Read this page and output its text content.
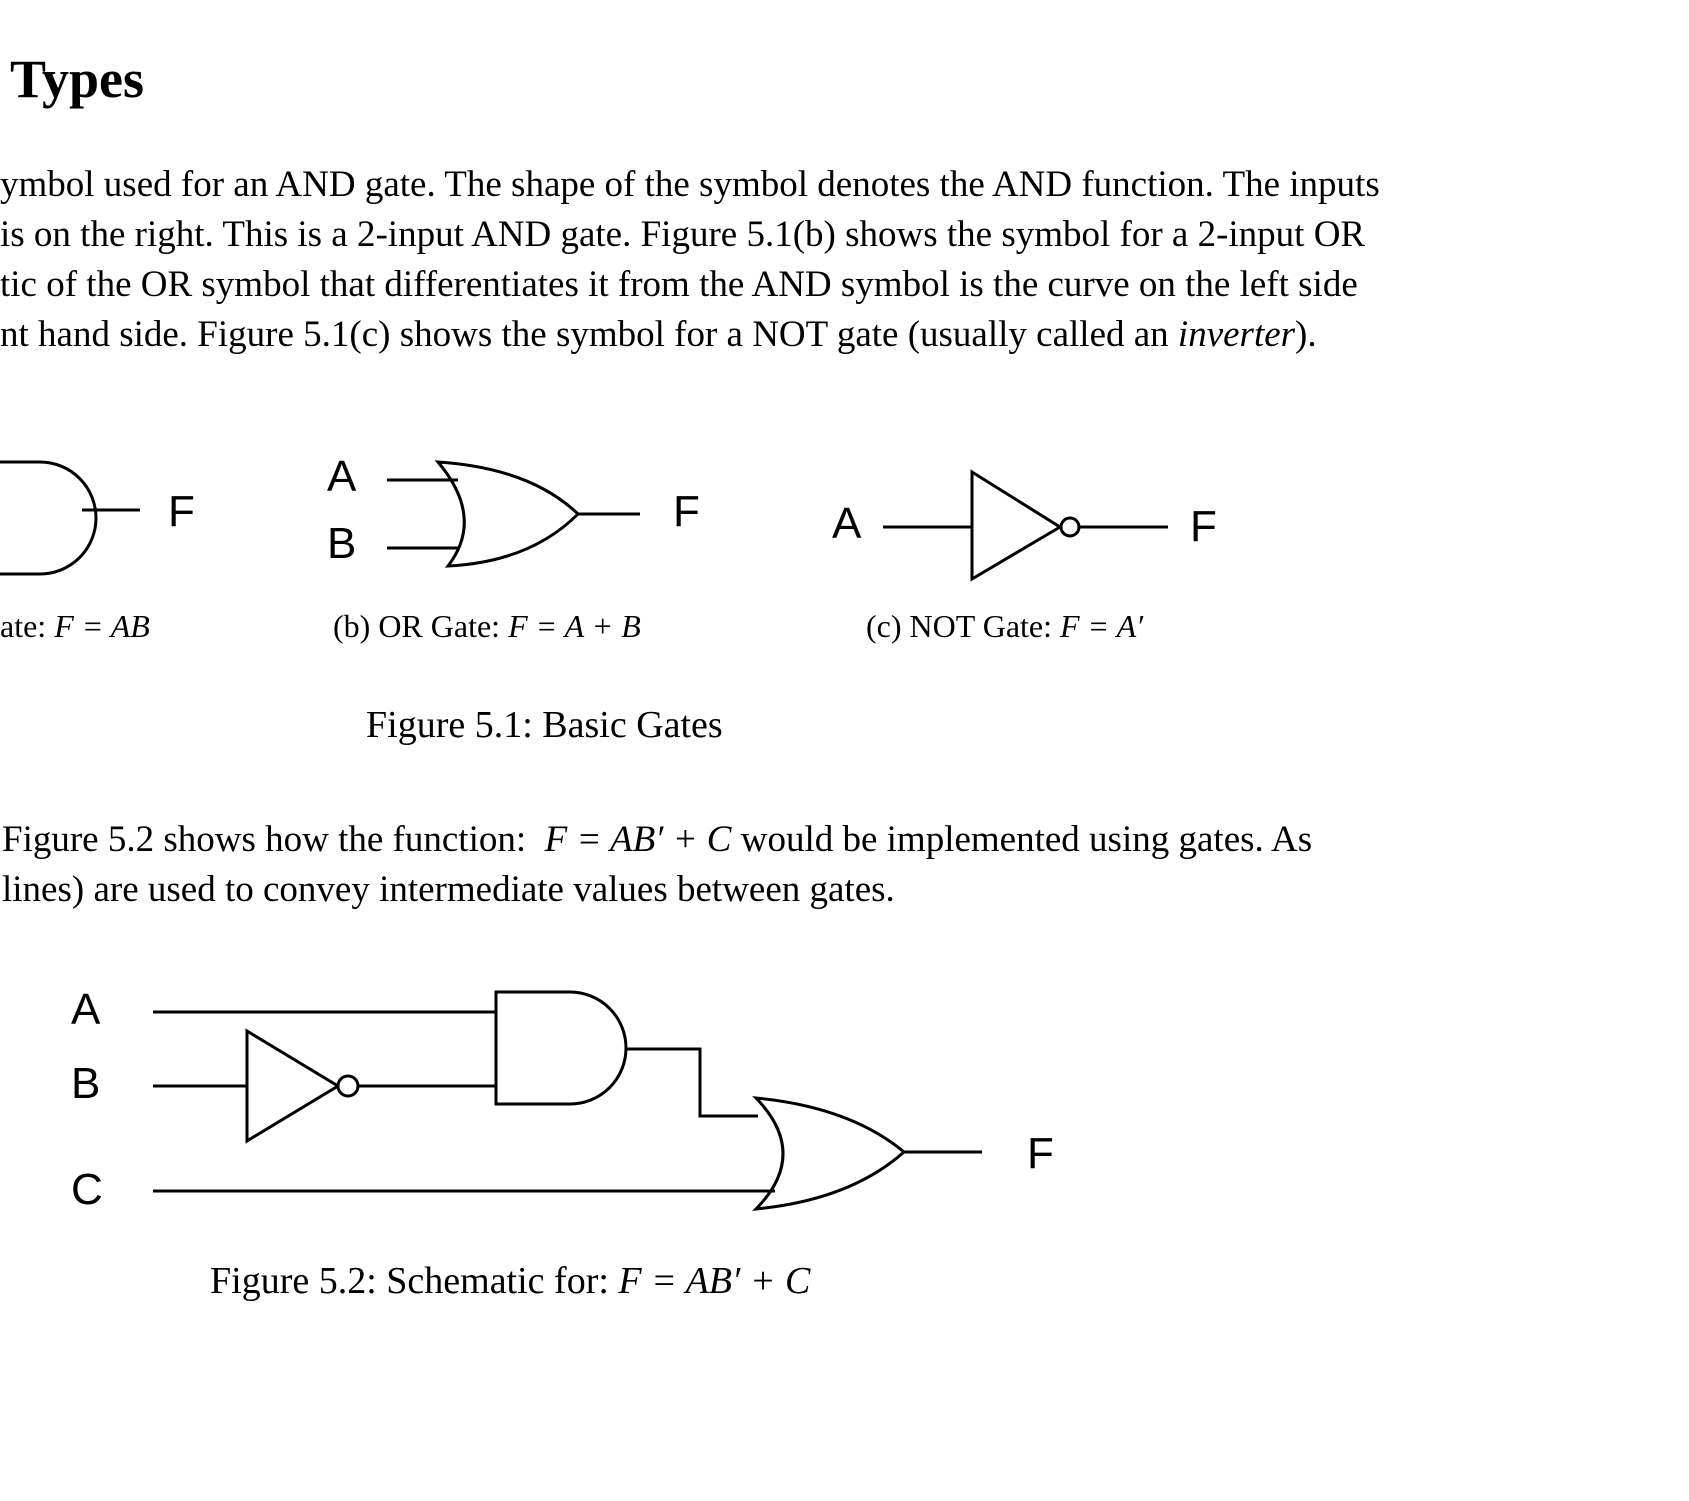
Types
ymbol used for an AND gate. The shape of the symbol denotes the AND function. The inputs
is on the right. This is a 2-input AND gate. Figure 5.1(b) shows the symbol for a 2-input OR
tic of the OR symbol that differentiates it from the AND symbol is the curve on the left side
nt hand side. Figure 5.1(c) shows the symbol for a NOT gate (usually called an inverter).
F
A
B
F	A	F
ate: F = AB	(b) OR Gate: F = A + B	(c) NOT Gate: F = A′
Figure 5.1: Basic Gates
Figure 5.2 shows how the function: F = AB′ + C would be implemented using gates. As
lines) are used to convey intermediate values between gates.
A
B
C
F
Figure 5.2: Schematic for: F = AB′ + C
